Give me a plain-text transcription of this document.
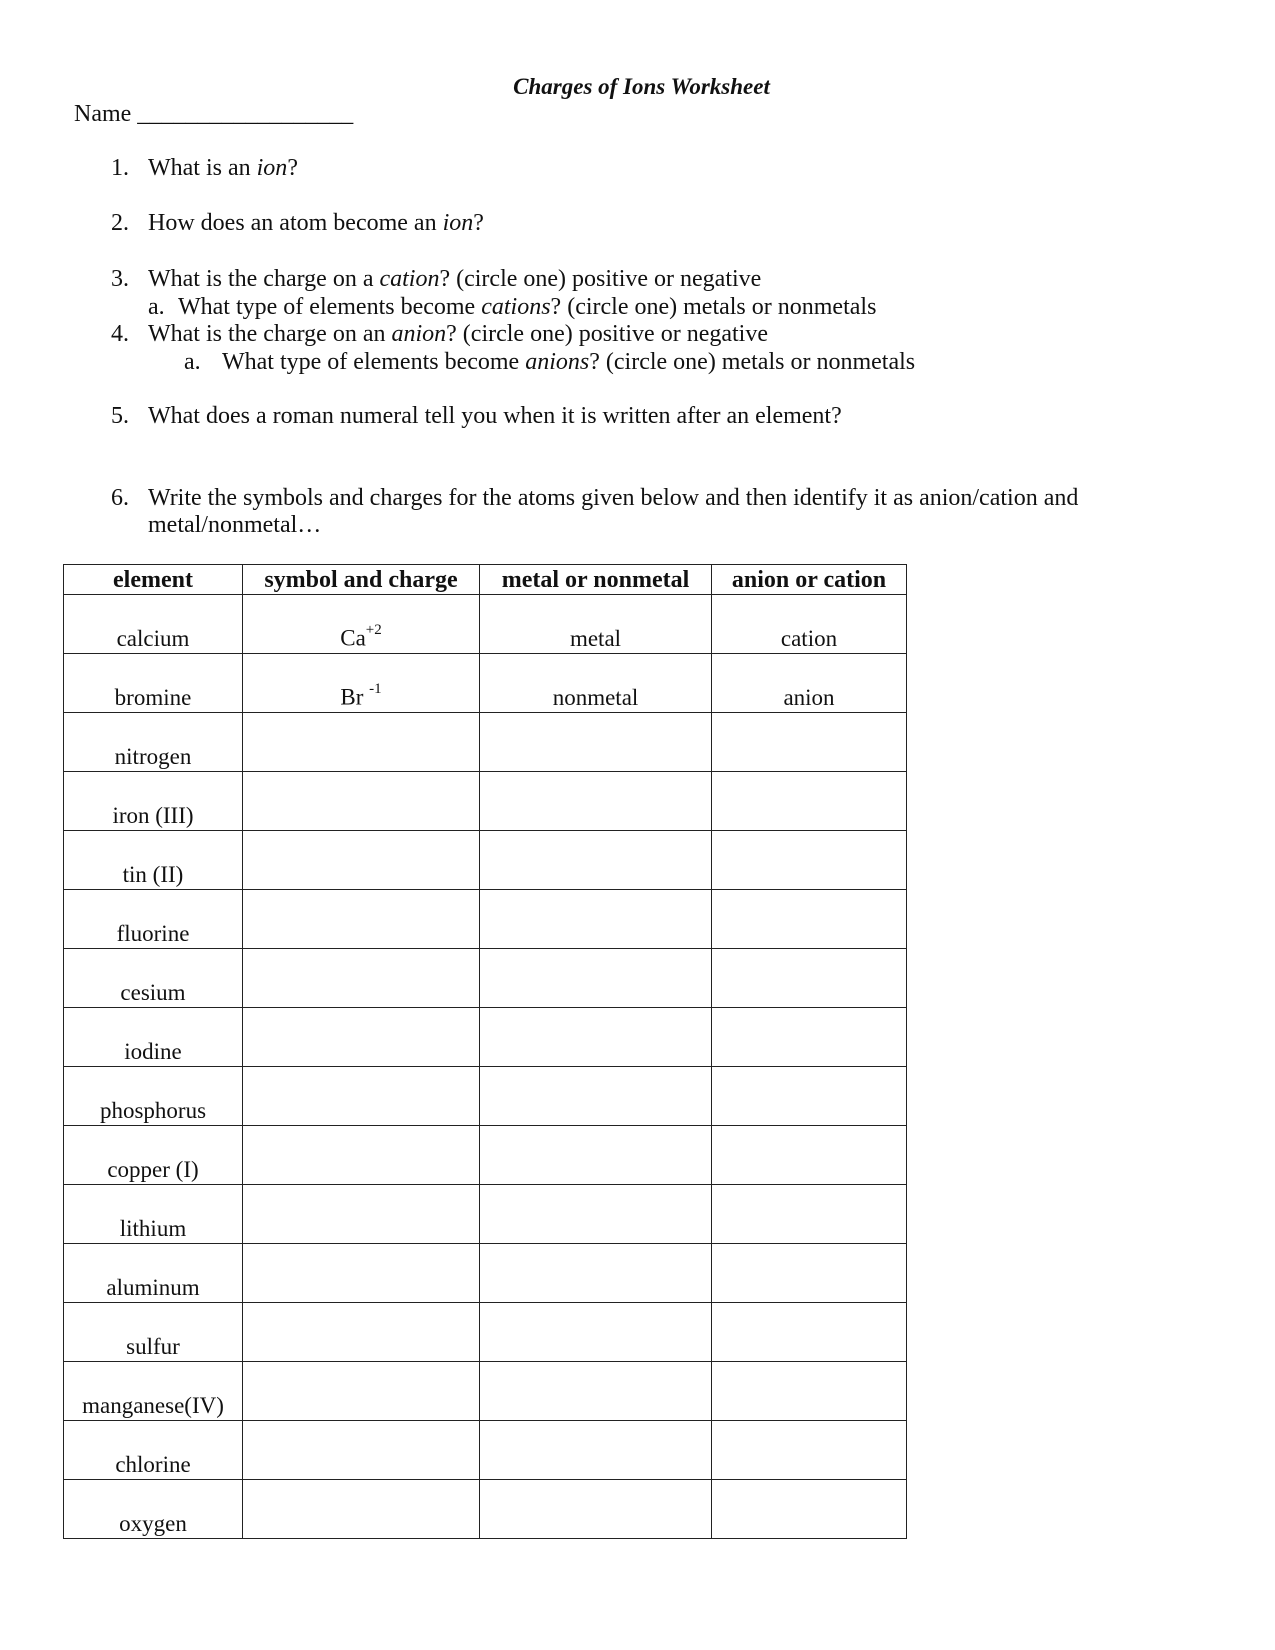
Charges of Ions Worksheet
Name __________________
1. What is an ion?
2. How does an atom become an ion?
3. What is the charge on a cation? (circle one) positive or negative
a. What type of elements become cations? (circle one) metals or nonmetals
4. What is the charge on an anion? (circle one) positive or negative
a. What type of elements become anions? (circle one) metals or nonmetals
5. What does a roman numeral tell you when it is written after an element?
6. Write the symbols and charges for the atoms given below and then identify it as anion/cation and
metal/nonmetal…
element	symbol and charge	metal or nonmetal	anion or cation
calcium	$Ca^{+2}$	metal	cation
bromine	Br $^{-1}$	nonmetal	anion
nitrogen			
iron (III)			
tin (II)			
fluorine			
cesium			
iodine			
phosphorus			
copper (I)			
lithium			
aluminum			
sulfur			
manganese(IV)			
chlorine			
oxygen			
